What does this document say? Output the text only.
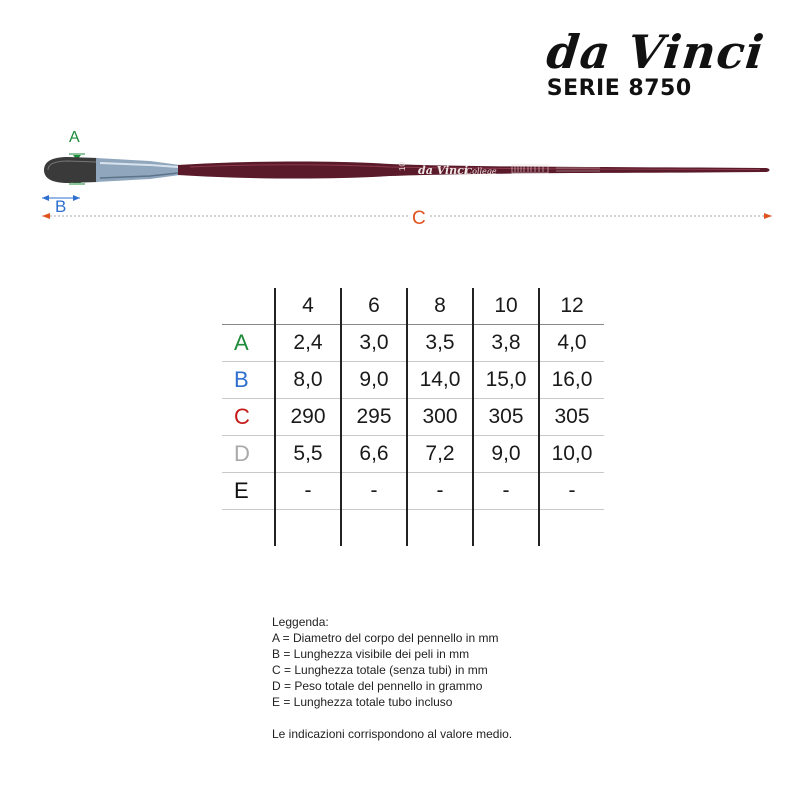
da Vinci
SERIE 8750
10 da Vinci
College
A
B
C
	4	6	8	10	12
A	2,4	3,0	3,5	3,8	4,0
B	8,0	9,0	14,0	15,0	16,0
C	290	295	300	305	305
D	5,5	6,6	7,2	9,0	10,0
E	-	-	-	-	-

Leggenda:
A = Diametro del corpo del pennello in mm
B = Lunghezza visibile dei peli in mm
C = Lunghezza totale (senza tubi) in mm
D = Peso totale del pennello in grammo
E = Lunghezza totale tubo incluso
Le indicazioni corrispondono al valore medio.
